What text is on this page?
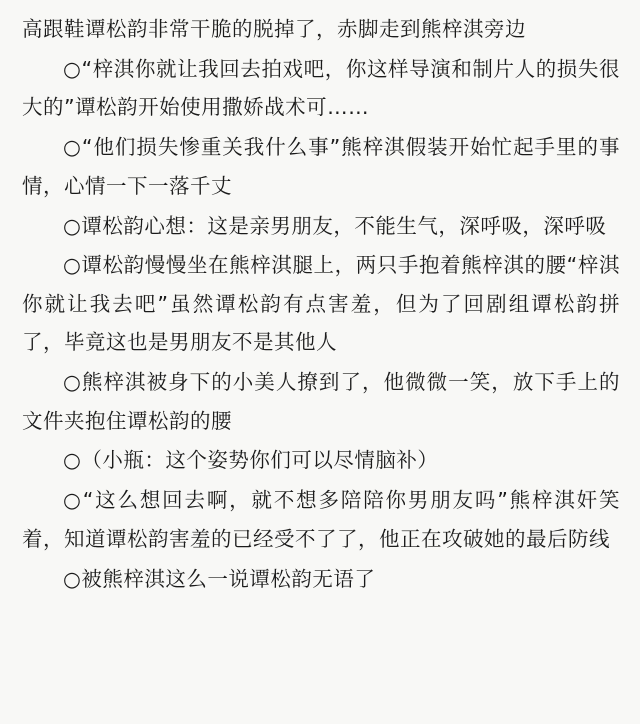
高跟鞋谭松韵非常干脆的脱掉了，赤脚走到熊梓淇旁边

○“梓淇你就让我回去拍戏吧，你这样导演和制片人的损失很大的”谭松韵开始使用撒娇战术可……

○“他们损失惨重关我什么事”熊梓淇假装开始忙起手里的事情，心情一下一落千丈

○谭松韵心想：这是亲男朋友，不能生气，深呼吸，深呼吸

○谭松韵慢慢坐在熊梓淇腿上，两只手抱着熊梓淇的腰“梓淇你就让我去吧”虽然谭松韵有点害羞，但为了回剧组谭松韵拼了，毕竟这也是男朋友不是其他人

○熊梓淇被身下的小美人撩到了，他微微一笑，放下手上的文件夹抱住谭松韵的腰

○（小瓶：这个姿势你们可以尽情脑补）

○“这么想回去啊，就不想多陪陪你男朋友吗”熊梓淇奸笑着，知道谭松韵害羞的已经受不了了，他正在攻破她的最后防线

○被熊梓淇这么一说谭松韵无语了
